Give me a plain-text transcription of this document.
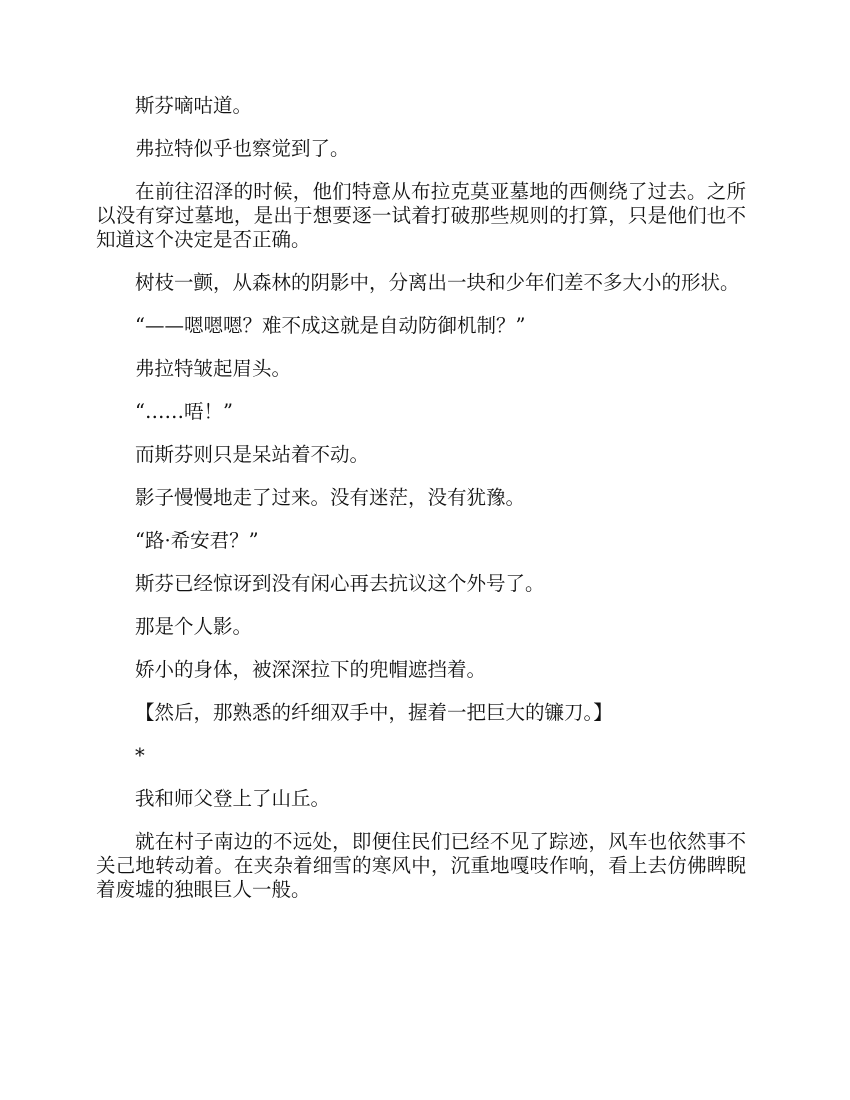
斯芬嘀咕道。

弗拉特似乎也察觉到了。

在前往沼泽的时候，他们特意从布拉克莫亚墓地的西侧绕了过去。之所以没有穿过墓地，是出于想要逐一试着打破那些规则的打算，只是他们也不知道这个决定是否正确。

树枝一颤，从森林的阴影中，分离出一块和少年们差不多大小的形状。

“——嗯嗯嗯？难不成这就是自动防御机制？”

弗拉特皱起眉头。

“……唔！”

而斯芬则只是呆站着不动。

影子慢慢地走了过来。没有迷茫，没有犹豫。

“路·希安君？”

斯芬已经惊讶到没有闲心再去抗议这个外号了。

那是个人影。

娇小的身体，被深深拉下的兜帽遮挡着。

【然后，那熟悉的纤细双手中，握着一把巨大的镰刀。】

*

我和师父登上了山丘。

就在村子南边的不远处，即便住民们已经不见了踪迹，风车也依然事不关己地转动着。在夹杂着细雪的寒风中，沉重地嘎吱作响，看上去仿佛睥睨着废墟的独眼巨人一般。
